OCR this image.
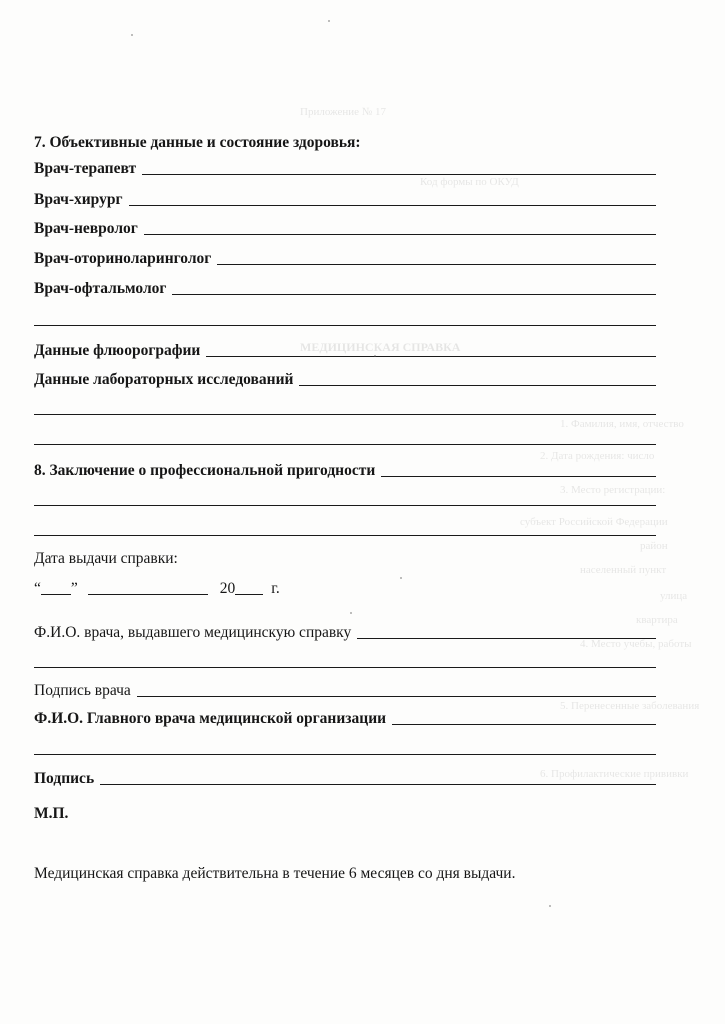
Приложение № 17
Код формы по ОКУД
МЕДИЦИНСКАЯ СПРАВКА
1. Фамилия, имя, отчество
2. Дата рождения: число
3. Место регистрации:
субъект Российской Федерации
район
населенный пункт
улица
квартира
4. Место учебы, работы
5. Перенесенные заболевания
6. Профилактические прививки
7. Объективные данные и состояние здоровья:
Врач-терапевт
Врач-хирург
Врач-невролог
Врач-оториноларинголог
Врач-офтальмолог
Данные флюорографии
Данные лабораторных исследований
8. Заключение о профессиональной пригодности
Дата выдачи справки:
“ ”	20 г.
Ф.И.О. врача, выдавшего медицинскую справку
Подпись врача
Ф.И.О. Главного врача медицинской организации
Подпись
М.П.
Медицинская справка действительна в течение 6 месяцев со дня выдачи.
